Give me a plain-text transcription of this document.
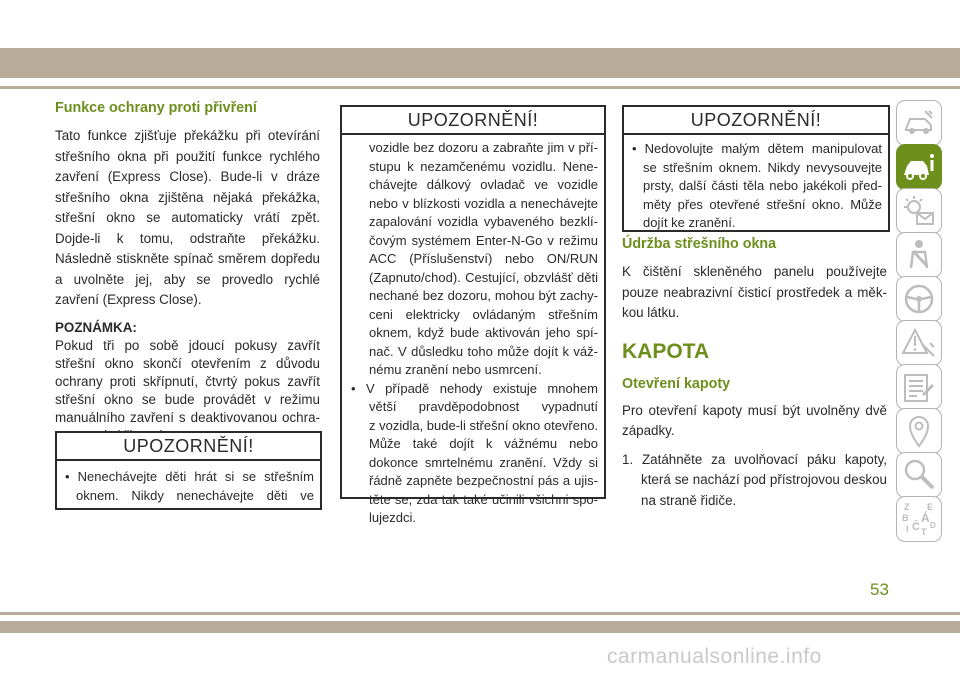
Funkce ochrany proti přivření

Tato funkce zjišťuje překážku při otevírání
střešního okna při použití funkce rychlého
zavření (Express Close). Bude-li v dráze
střešního okna zjištěna nějaká překážka,
střešní okno se automaticky vrátí zpět.
Dojde-li k tomu, odstraňte překážku.
Následně stiskněte spínač směrem dopředu
a uvolněte jej, aby se provedlo rychlé
zavření (Express Close).

POZNÁMKA:

Pokud tři po sobě jdoucí pokusy zavřít
střešní okno skončí otevřením z důvodu
ochrany proti skřípnutí, čtvrtý pokus zavřít
střešní okno se bude provádět v režimu
manuálního zavření s deaktivovanou ochra-
UPOZORNĚNÍ!
• Nenechávejte děti hrát si se střešním
oknem. Nikdy nenechávejte děti ve
UPOZORNĚNÍ!
vozidle bez dozoru a zabraňte jim v pří-
stupu k nezamčenému vozidlu. Nene-
chávejte dálkový ovladač ve vozidle
nebo v blízkosti vozidla a nenechávejte
zapalování vozidla vybaveného bezklí-
čovým systémem Enter-N-Go v režimu
ACC (Příslušenství) nebo ON/RUN
(Zapnuto/chod). Cestující, obzvlášť děti
nechané bez dozoru, mohou být zachy-
ceni elektricky ovládaným střešním
oknem, když bude aktivován jeho spí-
nač. V důsledku toho může dojít k váž-
nému zranění nebo usmrcení.
• V případě nehody existuje mnohem
větší pravděpodobnost vypadnutí
z vozidla, bude-li střešní okno otevřeno.
Může také dojít k vážnému nebo
dokonce smrtelnému zranění. Vždy si
řádně zapněte bezpečnostní pás a ujis-
těte se, zda tak také učinili všichni spo-
lujezdci.
UPOZORNĚNÍ!
• Nedovolujte malým dětem manipulovat
se střešním oknem. Nikdy nevysouvejte
prsty, další části těla nebo jakékoli před-
měty přes otevřené střešní okno. Může
dojít ke zranění.

Údržba střešního okna

K čištění skleněného panelu používejte
pouze neabrazivní čisticí prostředek a měk-
kou látku.

KAPOTA

Otevření kapoty

Pro otevření kapoty musí být uvolněny dvě
západky.
1. Zatáhněte za uvolňovací páku kapoty,
která se nachází pod přístrojovou deskou
na straně řidiče.	Z E
B Á
I Č D
T
53
carmanualsonline.info
